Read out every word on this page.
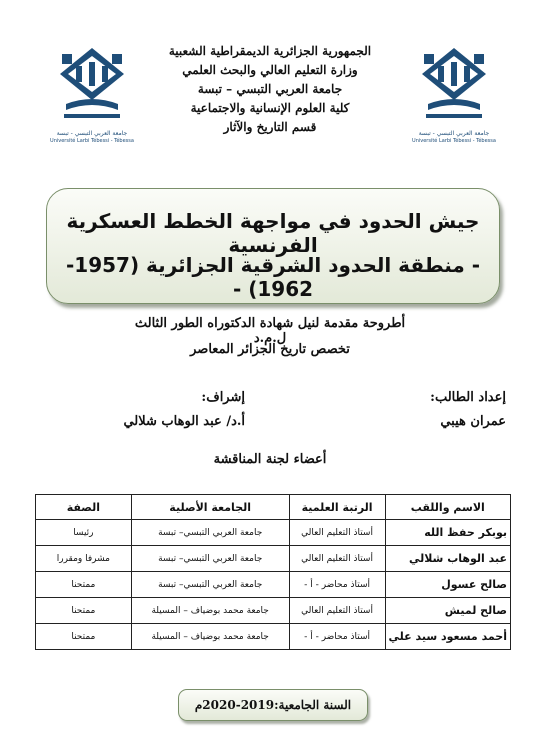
جامعة العربي التبسي - تبسة
Université Larbi Tébessi - Tébessa
جامعة العربي التبسي - تبسة
Université Larbi Tébessi - Tébessa
الجمهورية الجزائرية الديمقراطية الشعبية
وزارة التعليم العالي والبحث العلمي
جامعة العربي التبسي – تبسة
كلية العلوم الإنسانية والاجتماعية
قسم التاريخ والآثار
جيش الحدود في مواجهة الخطط العسكرية الفرنسية
- منطقة الحدود الشرقية الجزائرية (1957-1962) -
أطروحة مقدمة لنيل شهادة الدكتوراه الطور الثالث ل.م.د
تخصص تاريخ الجزائر المعاصر
إعداد الطالب:
عمران هيبي
إشراف:
أ.د/ عبد الوهاب شلالي
أعضاء لجنة المناقشة
الاسم واللقب	الرتبة العلمية	الجامعة الأصلية	الصفة
بوبكر حفظ الله	أستاذ التعليم العالي	جامعة العربي التبسي– تبسة	رئيسا
عبد الوهاب شلالي	أستاذ التعليم العالي	جامعة العربي التبسي– تبسة	مشرفا ومقررا
صالح عسول	أستاذ محاضر - أ -	جامعة العربي التبسي– تبسة	ممتحنا
صالح لميش	أستاذ التعليم العالي	جامعة محمد بوضياف – المسيلة	ممتحنا
أحمد مسعود سيد علي	أستاذ محاضر - أ -	جامعة محمد بوضياف – المسيلة	ممتحنا
السنة الجامعية:2019-2020م
